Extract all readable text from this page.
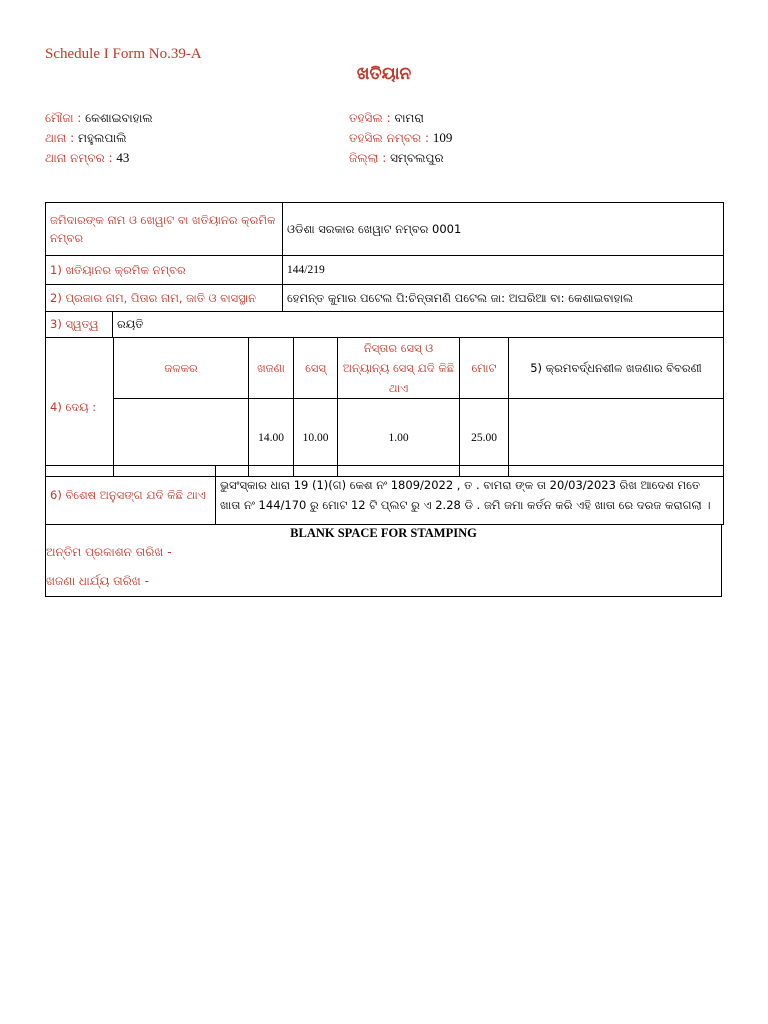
Schedule I Form No.39-A
ଖତିୟାନ
ମୌଜା : କେଶାଇବାହାଲ
ଥାନା : ମହୁଲପାଲି
ଥାନା ନମ୍ବର : 43
ତହସିଲ : ବାମରା
ତହସିଲ ନମ୍ବର : 109
ଜିଲ୍ଲା : ସମ୍ବଲପୁର
ଜମିଦାରଙ୍କ ନାମ ଓ ଖେୱାଟ ବା ଖତିୟାନର କ୍ରମିକ ନମ୍ବର		ଓଡିଶା ସରକାର ଖେୱାଟ ନମ୍ବର 0001
1) ଖତିୟାନର କ୍ରମିକ ନମ୍ବର		144/219
2) ପ୍ରଜାର ନାମ, ପିତାର ନାମ, ଜାତି ଓ ବାସସ୍ଥାନ		ହେମନ୍ତ କୁମାର ପଟେଲ ପି:ଚିନ୍ତାମଣି ପଟେଲ ଜା: ଅଘରିଆ ବା: କେଶାଇବାହାଲ
3) ସ୍ୱତ୍ୱ	ରୟତି	
4) ଦେୟ :	ଜଳକର	ଖଜଣା	ସେସ୍	ନିସ୍ତାର ସେସ୍ ଓ ଅନ୍ୟାନ୍ୟ ସେସ୍ ଯଦି କିଛି ଥାଏ	ମୋଟ	5) କ୍ରମବର୍ଦ୍ଧନଶୀଳ ଖଜଣାର ବିବରଣୀ
		14.00	10.00	1.00	25.00	
6) ବିଶେଷ ଅନୁସଙ୍ଗ ଯଦି କିଛି ଥାଏ	ଭୁସଂସ୍କାର ଧାରା 19 (1)(ଗ) କେଶ ନଂ 1809/2022 , ତ . ବାମରା ଙ୍କ ତା 20/03/2023 ରିଖ ଆଦେଶ ମତେ ଖାତା ନଂ 144/170 ରୁ ମୋଟ 12 ଟି ପ୍ଲଟ ରୁ ଏ 2.28 ଡି . ଜମି ଜମା କର୍ତନ କରି ଏହି ଖାତା ରେ ଦରଜ କରାଗଲା ।
BLANK SPACE FOR STAMPING
ଅନ୍ତିମ ପ୍ରକାଶନ ତାରିଖ -
ଖଜଣା ଧାର୍ଯ୍ୟ ତାରିଖ -
